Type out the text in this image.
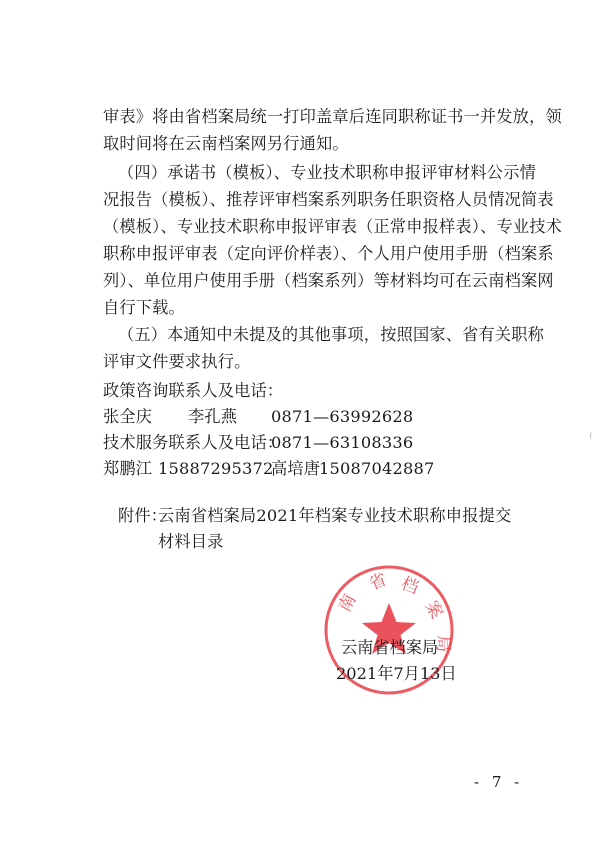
审表》将由省档案局统一打印盖章后连同职称证书一并发放，领
取时间将在云南档案网另行通知。
（四）承诺书（模板）、专业技术职称申报评审材料公示情
况报告（模板）、推荐评审档案系列职务任职资格人员情况简表
（模板）、专业技术职称申报评审表（正常申报样表）、专业技术
职称申报评审表（定向评价样表）、个人用户使用手册（档案系
列）、单位用户使用手册（档案系列）等材料均可在云南档案网
自行下载。
（五）本通知中未提及的其他事项，按照国家、省有关职称
评审文件要求执行。
政策咨询联系人及电话：
张全庆 李孔燕 0871—63992628
技术服务联系人及电话：
0871—63108336
郑鹏江 15887295372
高培唐
15087042887
附件：
云南省档案局2021年档案专业技术职称申报提交
材料目录
南
省 档
案
局
云南省档案局
2021年7月13日
- 7 -
